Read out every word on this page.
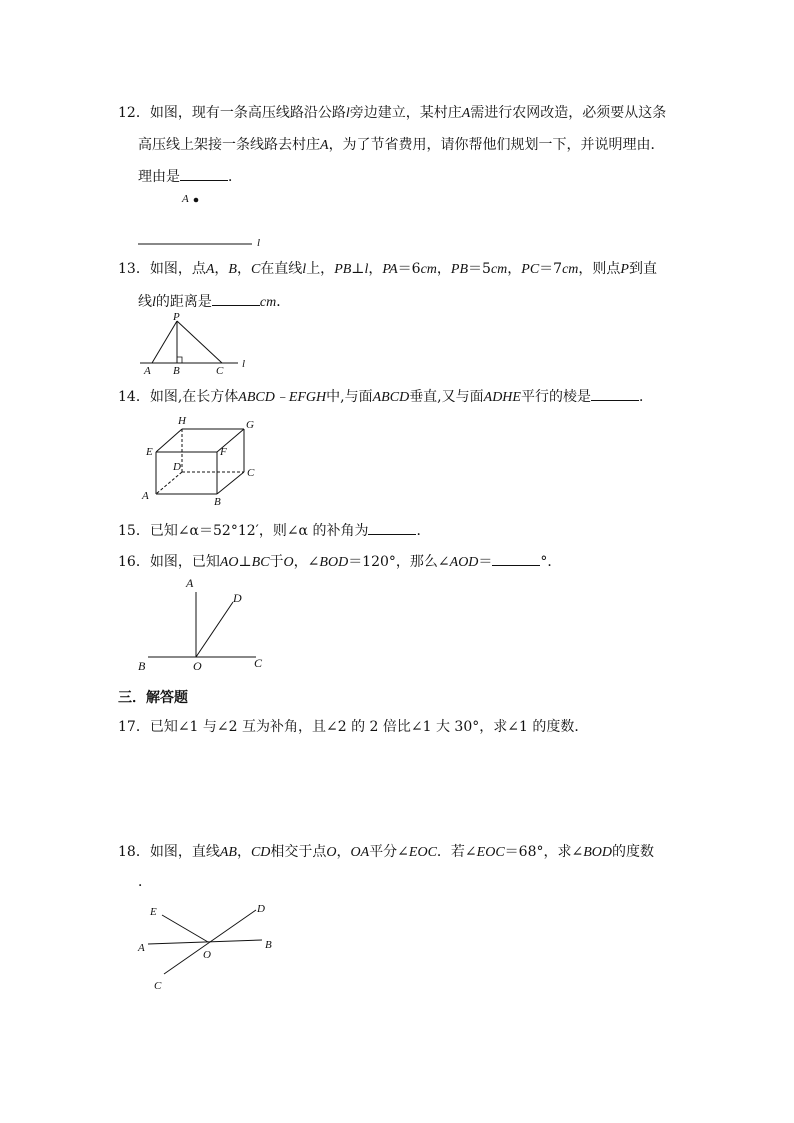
12．如图，现有一条高压线路沿公路l旁边建立，某村庄A需进行农网改造，必须要从这条
高压线上架接一条线路去村庄A，为了节省费用，请你帮他们规划一下，并说明理由．
理由是	．
A
l
13．如图，点A，B，C在直线l上，PB⊥l，PA＝6cm，PB＝5cm，PC＝7cm，则点P到直
线l的距离是	cm．
P
A B	C
l
14．如图,在长方体ABCD﹣EFGH中,与面ABCD垂直,又与面ADHE平行的棱是	．
H	G
E	F
D	C
A	B
15．已知∠α＝52°12′，则∠α 的补角为	．
16．如图，已知AO⊥BC于O，∠BOD＝120°，那么∠AOD＝	°．
A
D
B	O	C
三．解答题
17．已知∠1 与∠2 互为补角，且∠2 的 2 倍比∠1 大 30°，求∠1 的度数．
18．如图，直线AB，CD相交于点O，OA平分∠EOC．若∠EOC＝68°，求∠BOD的度数
．
E	D
A	B
O
C
